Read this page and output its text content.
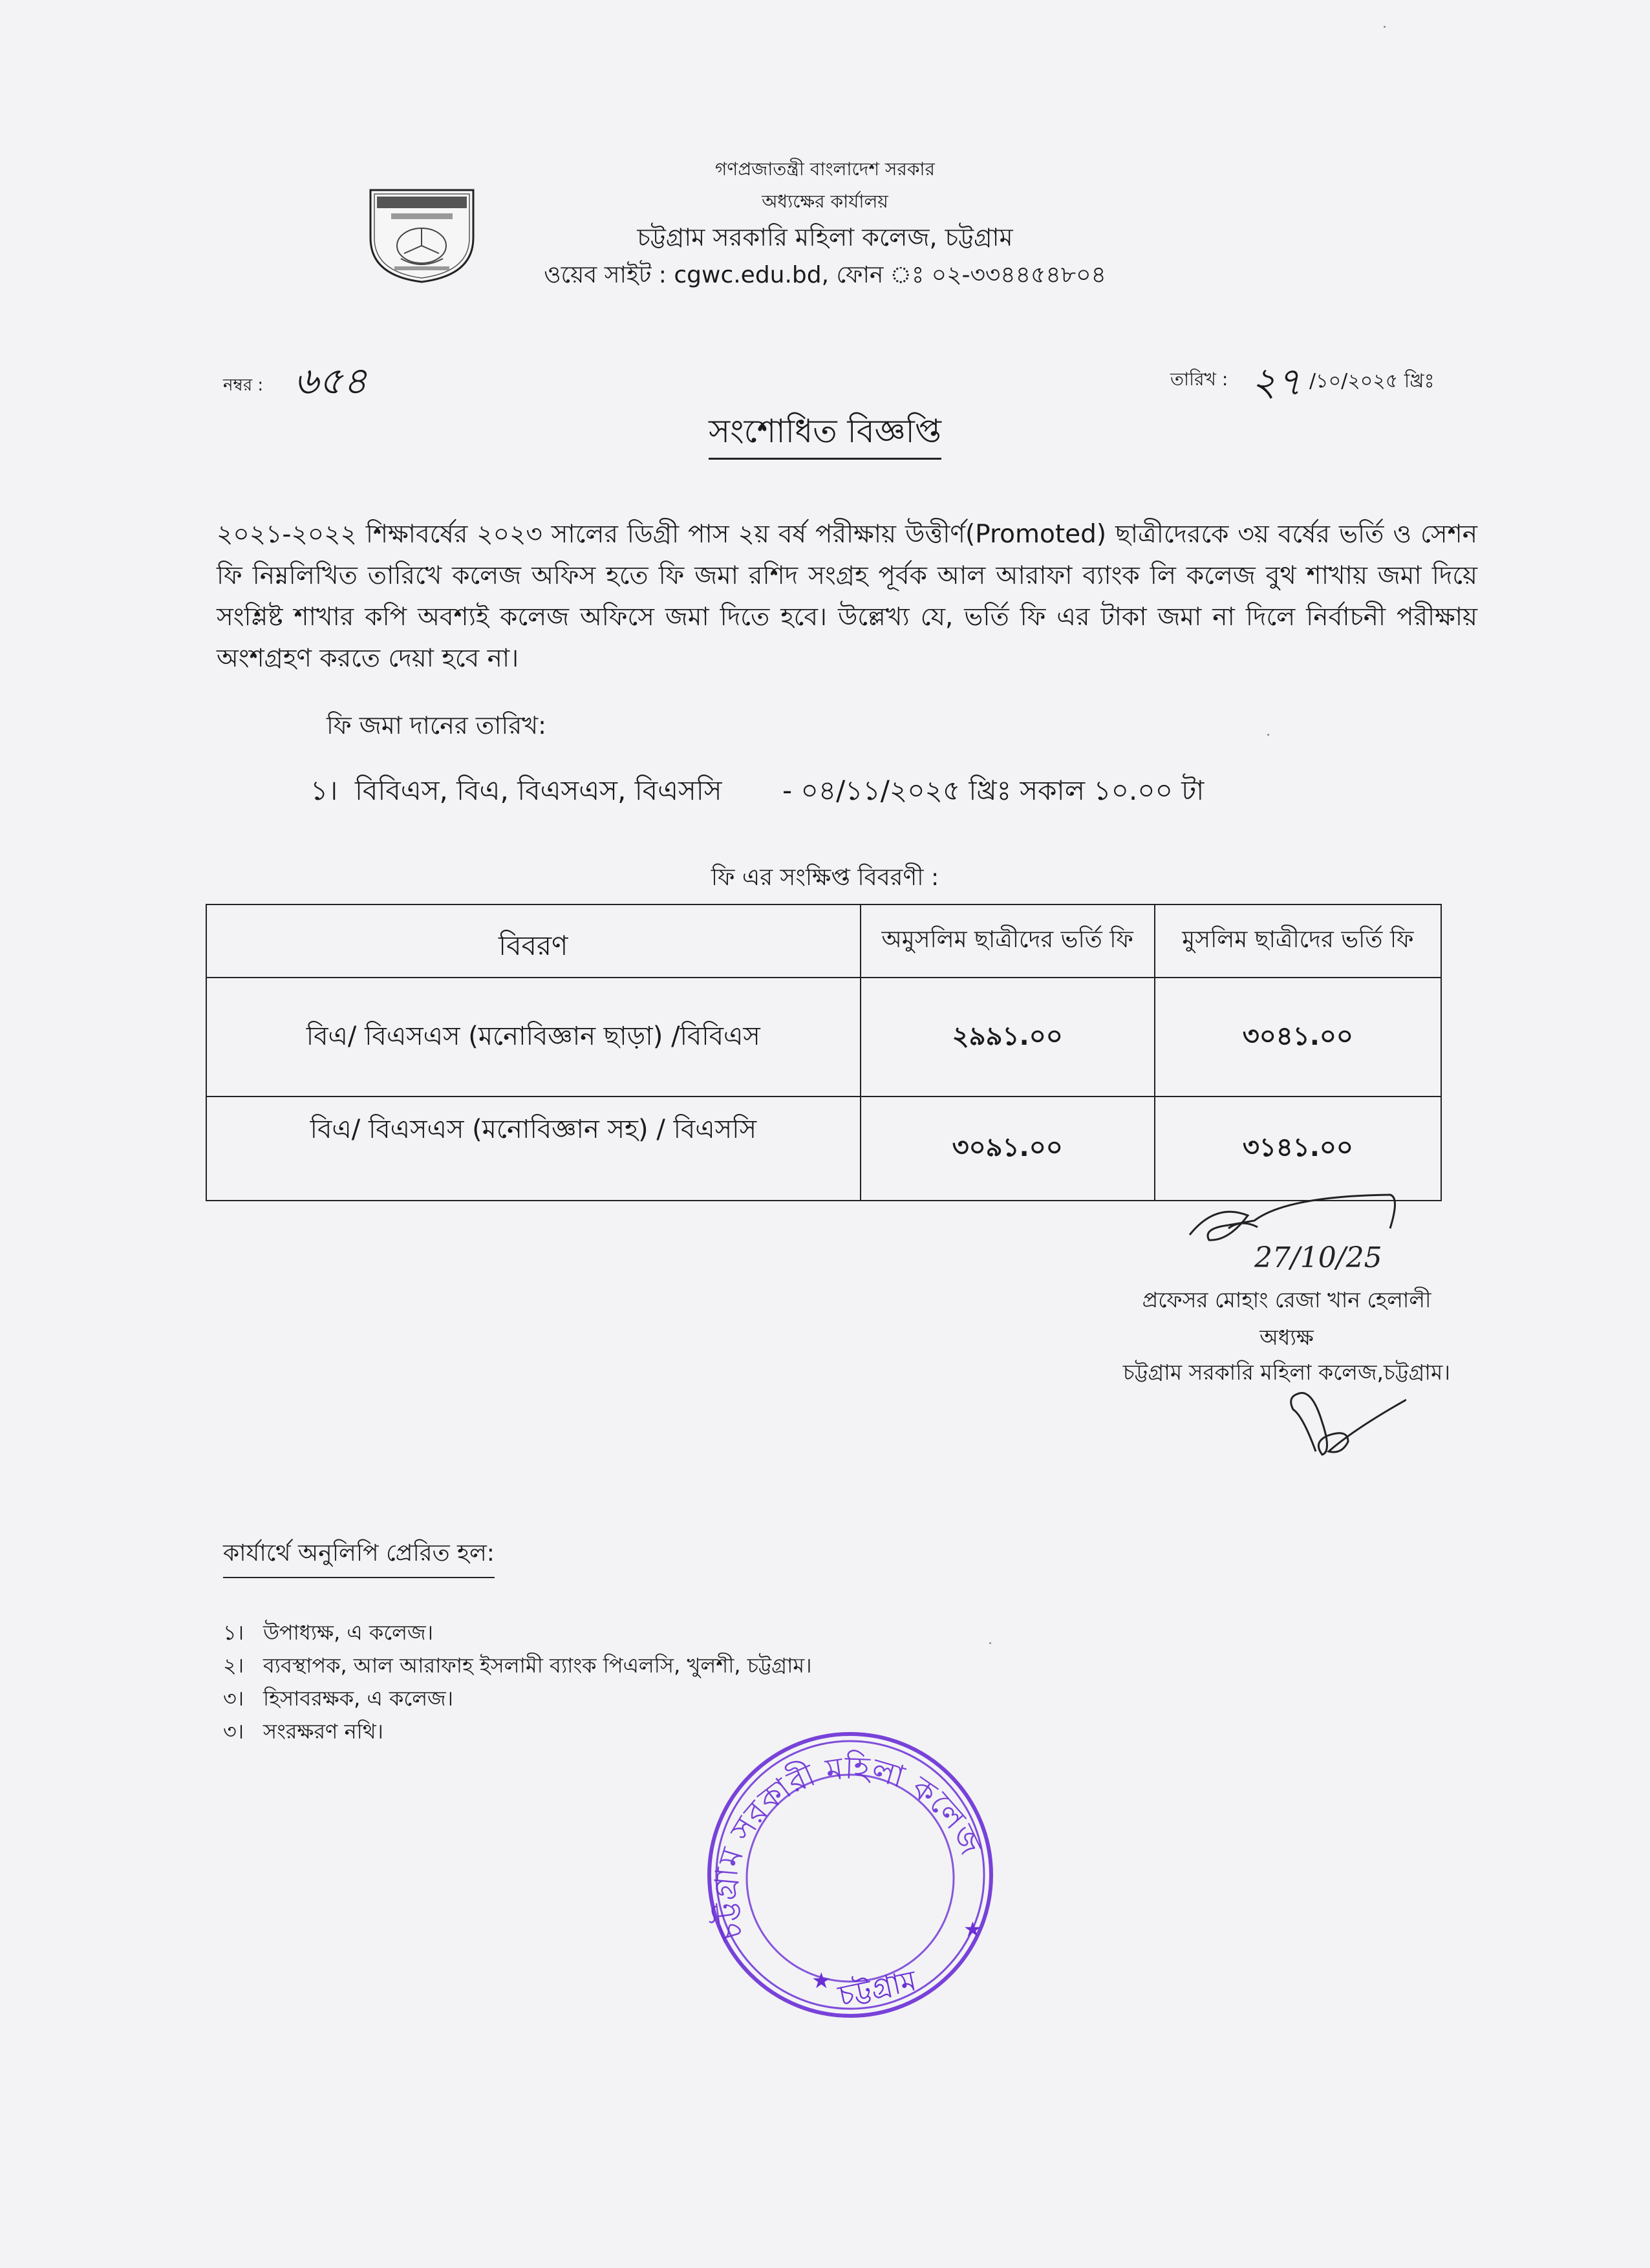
গণপ্রজাতন্ত্রী বাংলাদেশ সরকার
অধ্যক্ষের কার্যালয়
চট্টগ্রাম সরকারি মহিলা কলেজ, চট্টগ্রাম
ওয়েব সাইট : cgwc.edu.bd, ফোন ঃ ০২-৩৩৪৪৫৪৮০৪
নম্বর : ৬৫৪	তারিখ : ২৭ /১০/২০২৫ খ্রিঃ
সংশোধিত বিজ্ঞপ্তি
২০২১-২০২২ শিক্ষাবর্ষের ২০২৩ সালের ডিগ্রী পাস ২য় বর্ষ পরীক্ষায় উত্তীর্ণ(Promoted) ছাত্রীদেরকে ৩য় বর্ষের ভর্তি ও সেশন ফি নিম্নলিখিত তারিখে কলেজ অফিস হতে ফি জমা রশিদ সংগ্রহ পূর্বক আল আরাফা ব্যাংক লি কলেজ বুথ শাখায় জমা দিয়ে সংশ্লিষ্ট শাখার কপি অবশ্যই কলেজ অফিসে জমা দিতে হবে। উল্লেখ্য যে, ভর্তি ফি এর টাকা জমা না দিলে নির্বাচনী পরীক্ষায় অংশগ্রহণ করতে দেয়া হবে না।
ফি জমা দানের তারিখ:
১। বিবিএস, বিএ, বিএসএস, বিএসসি - ০৪/১১/২০২৫ খ্রিঃ সকাল ১০.০০ টা
ফি এর সংক্ষিপ্ত বিবরণী :
বিবরণ	অমুসলিম ছাত্রীদের ভর্তি ফি	মুসলিম ছাত্রীদের ভর্তি ফি
বিএ/ বিএসএস (মনোবিজ্ঞান ছাড়া) /বিবিএস	২৯৯১.০০	৩০৪১.০০
বিএ/ বিএসএস (মনোবিজ্ঞান সহ) / বিএসসি	৩০৯১.০০	৩১৪১.০০
27/10/25
প্রফেসর মোহাং রেজা খান হেলালী
অধ্যক্ষ
চট্টগ্রাম সরকারি মহিলা কলেজ,চট্টগ্রাম।
কার্যার্থে অনুলিপি প্রেরিত হল:
১। উপাধ্যক্ষ, এ কলেজ।
২। ব্যবস্থাপক, আল আরাফাহ ইসলামী ব্যাংক পিএলসি, খুলশী, চট্টগ্রাম।
৩। হিসাবরক্ষক, এ কলেজ।
৩। সংরক্ষরণ নথি।
চট্টগ্রাম সরকারী মহিলা কলেজ
চট্টগ্রাম
★
★
